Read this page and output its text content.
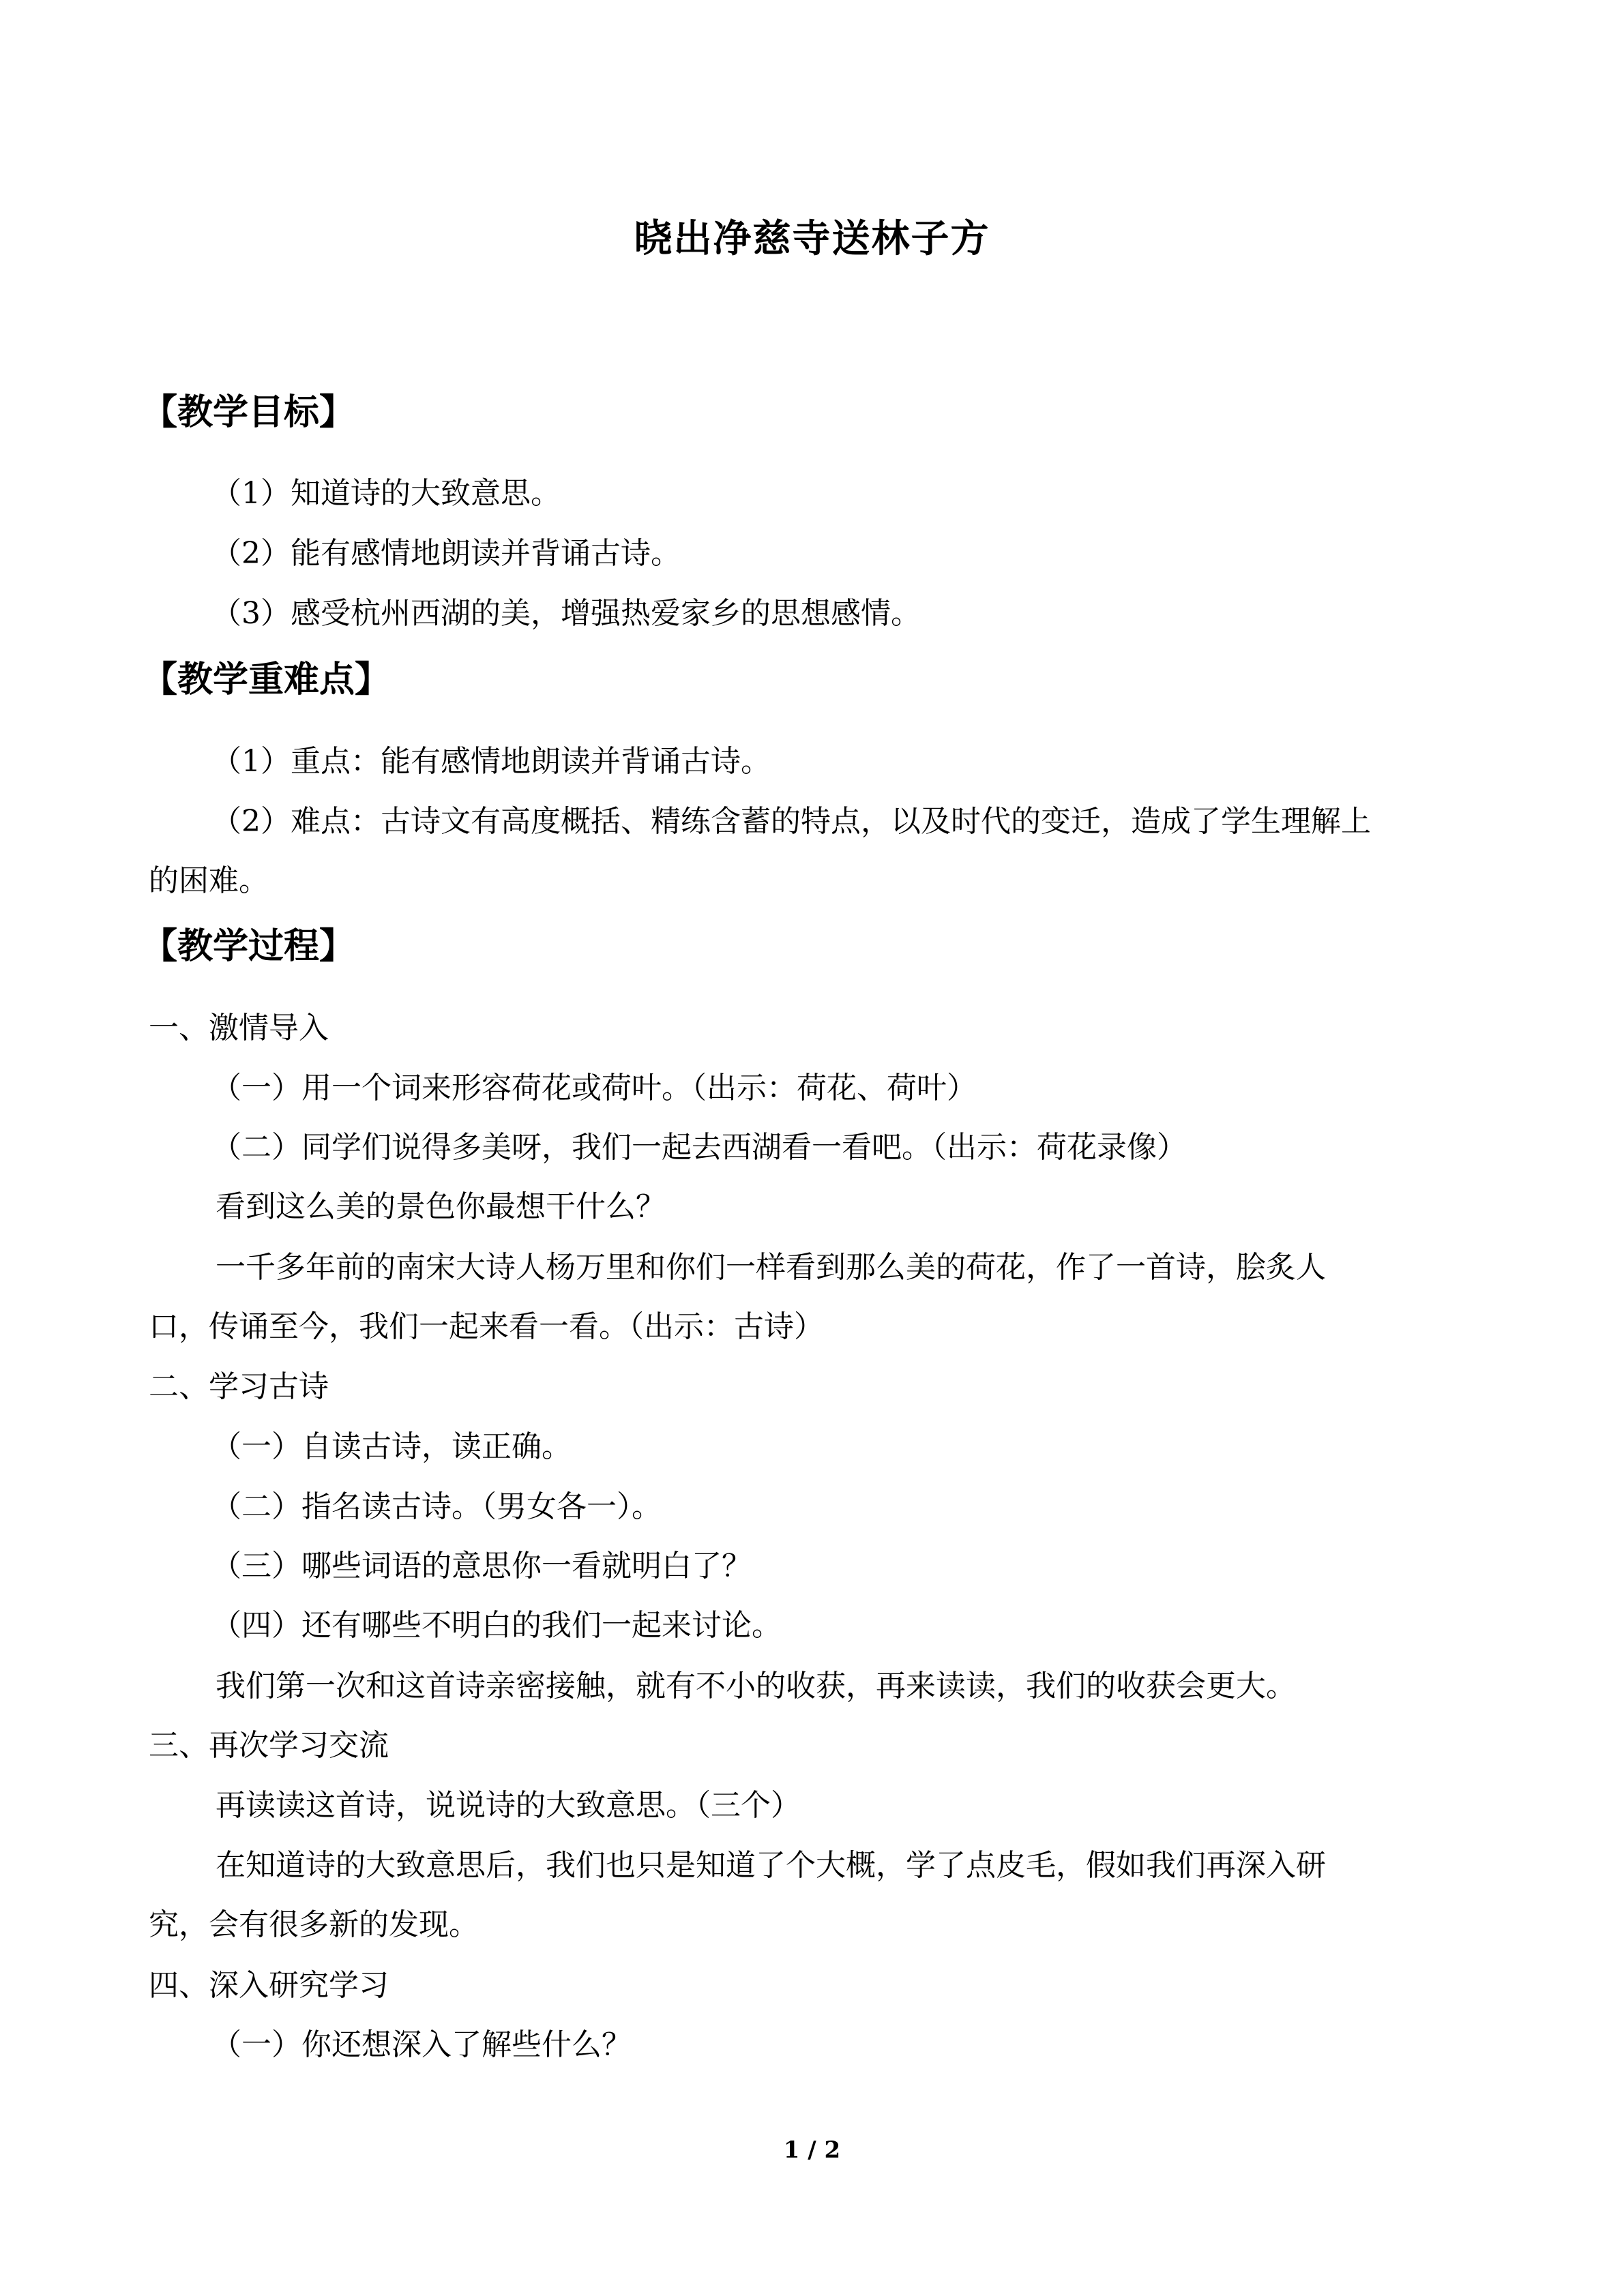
晓出净慈寺送林子方
【教学目标】
（1）知道诗的大致意思。
（2）能有感情地朗读并背诵古诗。
（3）感受杭州西湖的美，增强热爱家乡的思想感情。
【教学重难点】
（1）重点：能有感情地朗读并背诵古诗。
（2）难点：古诗文有高度概括、精练含蓄的特点，以及时代的变迁，造成了学生理解上
的困难。
【教学过程】
一、激情导入
（一）用一个词来形容荷花或荷叶。（出示：荷花、荷叶）
（二）同学们说得多美呀，我们一起去西湖看一看吧。（出示：荷花录像）
看到这么美的景色你最想干什么？
一千多年前的南宋大诗人杨万里和你们一样看到那么美的荷花，作了一首诗，脍炙人
口，传诵至今，我们一起来看一看。（出示：古诗）
二、学习古诗
（一）自读古诗，读正确。
（二）指名读古诗。（男女各一）。
（三）哪些词语的意思你一看就明白了？
（四）还有哪些不明白的我们一起来讨论。
我们第一次和这首诗亲密接触，就有不小的收获，再来读读，我们的收获会更大。
三、再次学习交流
再读读这首诗，说说诗的大致意思。（三个）
在知道诗的大致意思后，我们也只是知道了个大概，学了点皮毛，假如我们再深入研
究，会有很多新的发现。
四、深入研究学习
（一）你还想深入了解些什么？
1 / 2
